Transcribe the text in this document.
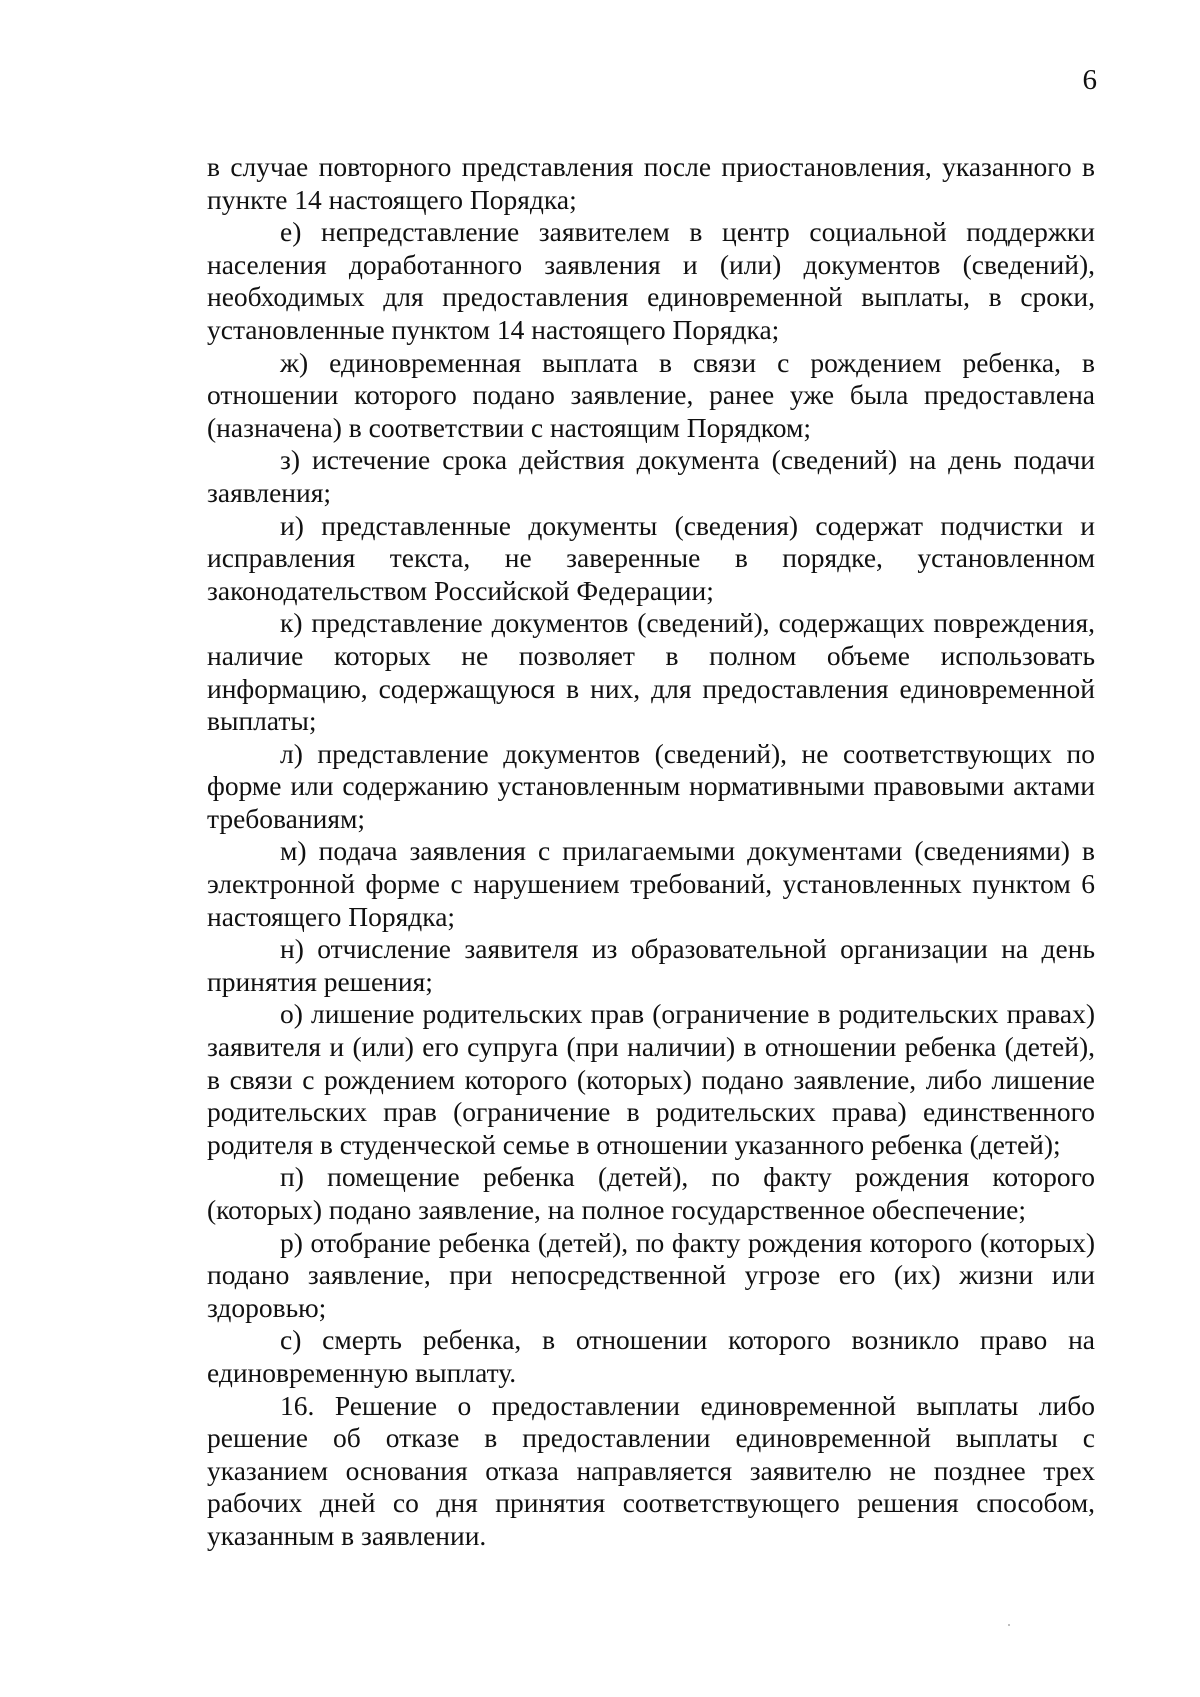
6

в случае повторного представления после приостановления, указанного в пункте 14 настоящего Порядка;

е) непредставление заявителем в центр социальной поддержки населения доработанного заявления и (или) документов (сведений), необходимых для предоставления единовременной выплаты, в сроки, установленные пунктом 14 настоящего Порядка;

ж) единовременная выплата в связи с рождением ребенка, в отношении которого подано заявление, ранее уже была предоставлена (назначена) в соответствии с настоящим Порядком;

з) истечение срока действия документа (сведений) на день подачи заявления;

и) представленные документы (сведения) содержат подчистки и исправления текста, не заверенные в порядке, установленном законодательством Российской Федерации;

к) представление документов (сведений), содержащих повреждения, наличие которых не позволяет в полном объеме использовать информацию, содержащуюся в них, для предоставления единовременной выплаты;

л) представление документов (сведений), не соответствующих по форме или содержанию установленным нормативными правовыми актами требованиям;

м) подача заявления с прилагаемыми документами (сведениями) в электронной форме с нарушением требований, установленных пунктом 6 настоящего Порядка;

н) отчисление заявителя из образовательной организации на день принятия решения;

о) лишение родительских прав (ограничение в родительских правах) заявителя и (или) его супруга (при наличии) в отношении ребенка (детей), в связи с рождением которого (которых) подано заявление, либо лишение родительских прав (ограничение в родительских права) единственного родителя в студенческой семье в отношении указанного ребенка (детей);

п) помещение ребенка (детей), по факту рождения которого (которых) подано заявление, на полное государственное обеспечение;

р) отобрание ребенка (детей), по факту рождения которого (которых) подано заявление, при непосредственной угрозе его (их) жизни или здоровью;

с) смерть ребенка, в отношении которого возникло право на единовременную выплату.

16. Решение о предоставлении единовременной выплаты либо решение об отказе в предоставлении единовременной выплаты с указанием основания отказа направляется заявителю не позднее трех рабочих дней со дня принятия соответствующего решения способом, указанным в заявлении.
